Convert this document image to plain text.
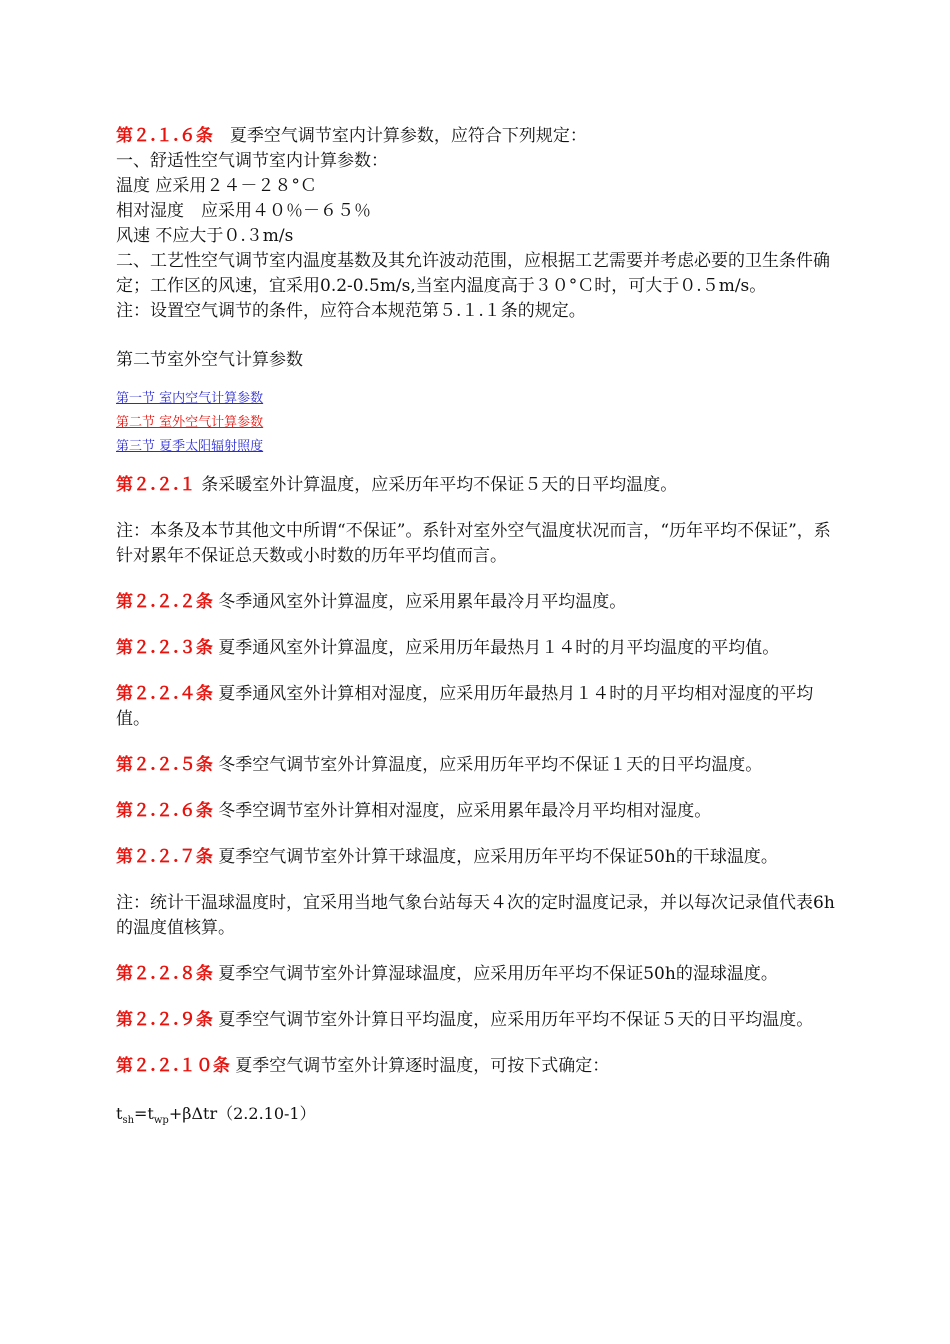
第２.１.６条　夏季空气调节室内计算参数，应符合下列规定：
一、舒适性空气调节室内计算参数：
温度 应采用２４－２８°Ｃ
相对湿度　应采用４０％－６５％
风速 不应大于０.３m/s
二、工艺性空气调节室内温度基数及其允许波动范围，应根据工艺需要并考虑必要的卫生条件确定；工作区的风速，宜采用0.2-0.5m/s,当室内温度高于３０°Ｃ时，可大于０.５m/s。
注：设置空气调节的条件，应符合本规范第５.１.１条的规定。
第二节室外空气计算参数
第一节 室内空气计算参数
第二节 室外空气计算参数
第三节 夏季太阳辐射照度
第２.２.１ 条采暖室外计算温度，应采历年平均不保证５天的日平均温度。
注：本条及本节其他文中所谓“不保证”。系针对室外空气温度状况而言，“历年平均不保证”，系针对累年不保证总天数或小时数的历年平均值而言。
第２.２.２条 冬季通风室外计算温度，应采用累年最冷月平均温度。
第２.２.３条 夏季通风室外计算温度，应采用历年最热月１４时的月平均温度的平均值。
第２.２.４条 夏季通风室外计算相对湿度，应采用历年最热月１４时的月平均相对湿度的平均值。
第２.２.５条 冬季空气调节室外计算温度，应采用历年平均不保证１天的日平均温度。
第２.２.６条 冬季空调节室外计算相对湿度，应采用累年最冷月平均相对湿度。
第２.２.７条 夏季空气调节室外计算干球温度，应采用历年平均不保证50h的干球温度。
注：统计干温球温度时，宜采用当地气象台站每天４次的定时温度记录，并以每次记录值代表6h的温度值核算。
第２.２.８条 夏季空气调节室外计算湿球温度，应采用历年平均不保证50h的湿球温度。
第２.２.９条 夏季空气调节室外计算日平均温度，应采用历年平均不保证５天的日平均温度。
第２.２.１０条 夏季空气调节室外计算逐时温度，可按下式确定：
$t_{sh}=t_{wp}+\beta\Delta tr(2.2.10-1)$
